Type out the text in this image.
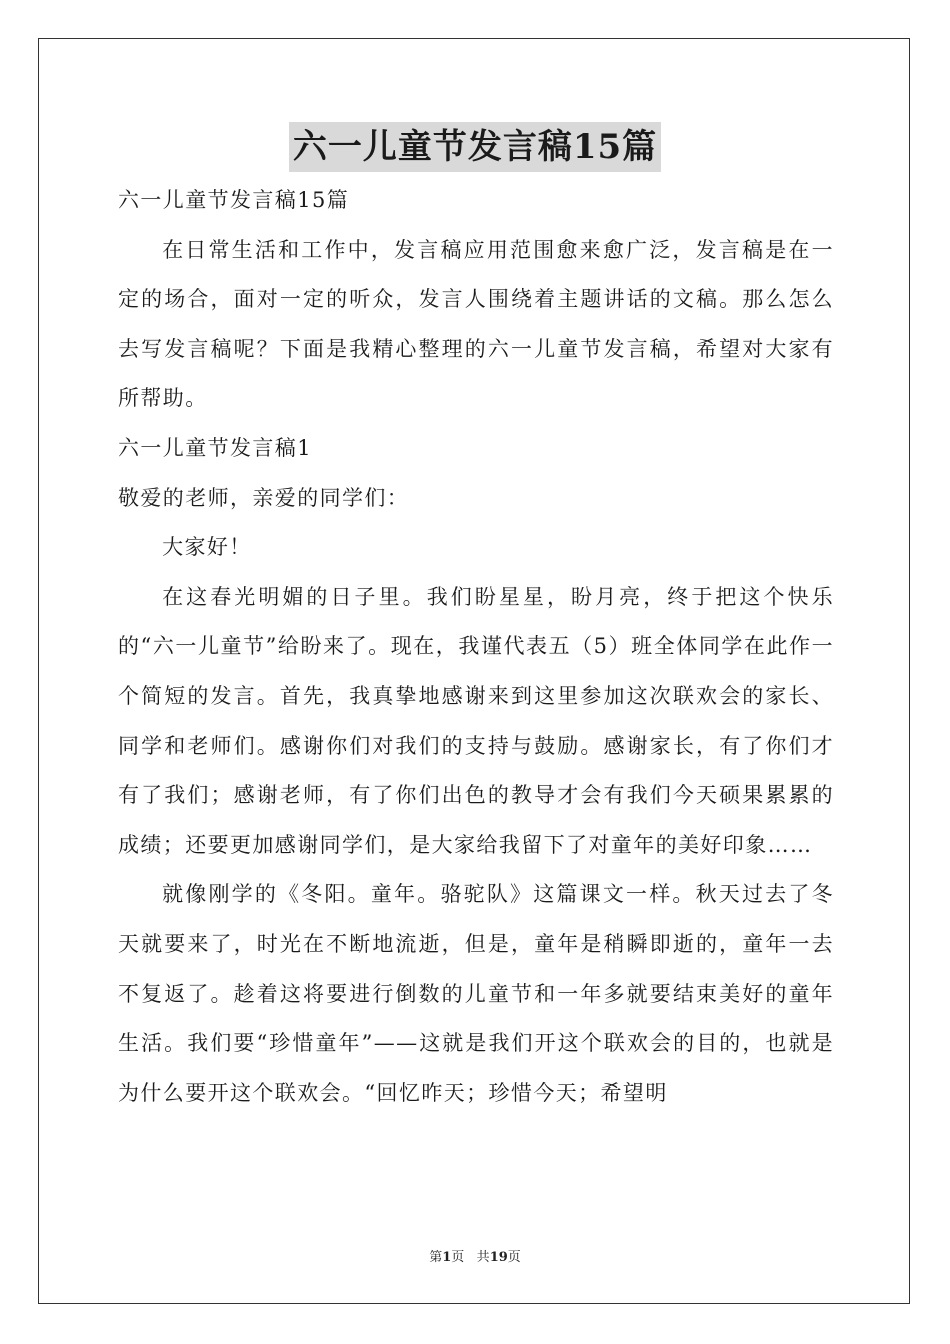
六一儿童节发言稿15篇

六一儿童节发言稿15篇

在日常生活和工作中，发言稿应用范围愈来愈广泛，发言稿是在一定的场合，面对一定的听众，发言人围绕着主题讲话的文稿。那么怎么去写发言稿呢？下面是我精心整理的六一儿童节发言稿，希望对大家有所帮助。

六一儿童节发言稿1

敬爱的老师，亲爱的同学们：

大家好！

在这春光明媚的日子里。我们盼星星，盼月亮，终于把这个快乐的“六一儿童节”给盼来了。现在，我谨代表五（5）班全体同学在此作一个简短的发言。首先，我真挚地感谢来到这里参加这次联欢会的家长、同学和老师们。感谢你们对我们的支持与鼓励。感谢家长，有了你们才有了我们；感谢老师，有了你们出色的教导才会有我们今天硕果累累的成绩；还要更加感谢同学们，是大家给我留下了对童年的美好印象……

就像刚学的《冬阳。童年。骆驼队》这篇课文一样。秋天过去了冬天就要来了，时光在不断地流逝，但是，童年是稍瞬即逝的，童年一去不复返了。趁着这将要进行倒数的儿童节和一年多就要结束美好的童年生活。我们要“珍惜童年”——这就是我们开这个联欢会的目的，也就是为什么要开这个联欢会。“回忆昨天；珍惜今天；希望明

第1页 共19页
